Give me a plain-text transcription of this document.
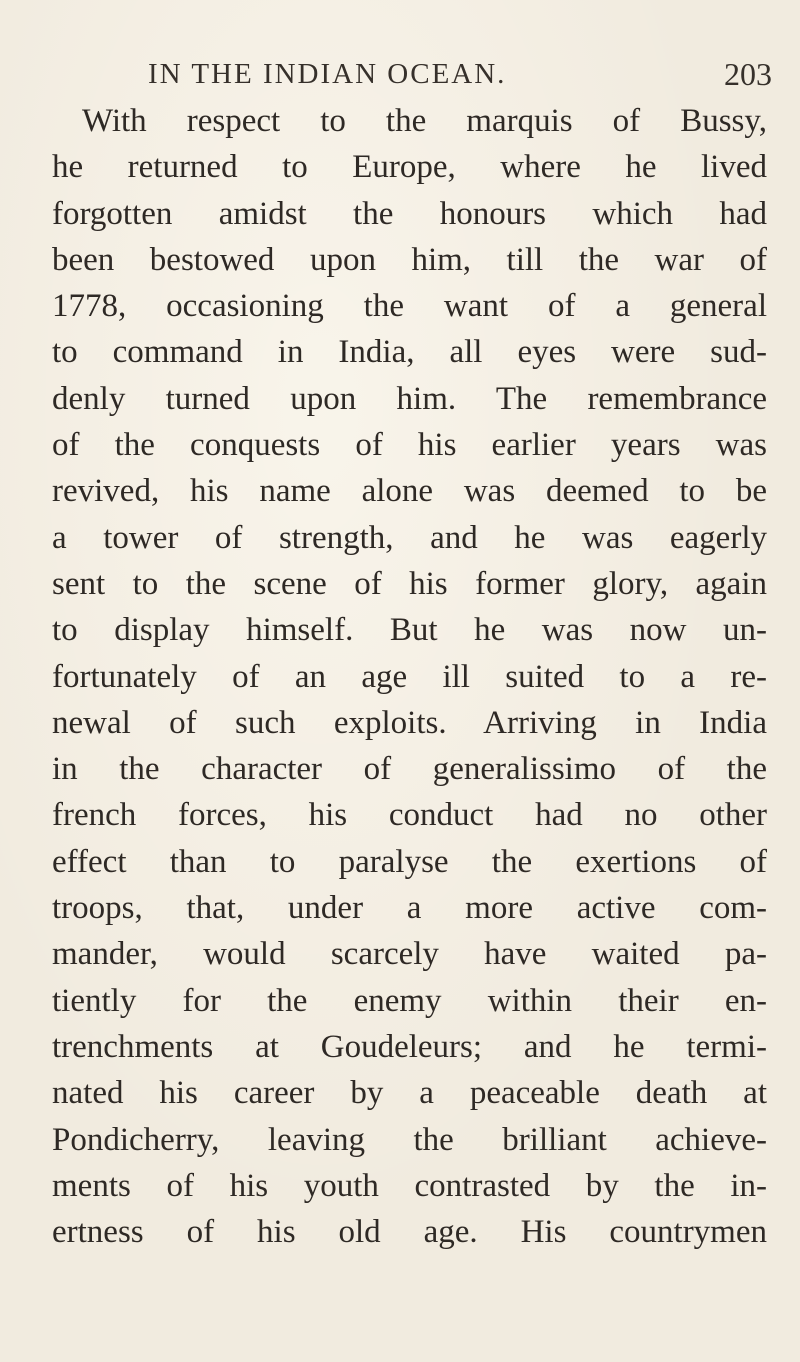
IN THE INDIAN OCEAN.	203
With respect to the marquis of Bussy,
he returned to Europe, where he lived
forgotten amidst the honours which had
been bestowed upon him, till the war of
1778, occasioning the want of a general
to command in India, all eyes were sud-
denly turned upon him. The remembrance
of the conquests of his earlier years was
revived, his name alone was deemed to be
a tower of strength, and he was eagerly
sent to the scene of his former glory, again
to display himself. But he was now un-
fortunately of an age ill suited to a re-
newal of such exploits. Arriving in India
in the character of generalissimo of the
french forces, his conduct had no other
effect than to paralyse the exertions of
troops, that, under a more active com-
mander, would scarcely have waited pa-
tiently for the enemy within their en-
trenchments at Goudeleurs; and he termi-
nated his career by a peaceable death at
Pondicherry, leaving the brilliant achieve-
ments of his youth contrasted by the in-
ertness of his old age. His countrymen
